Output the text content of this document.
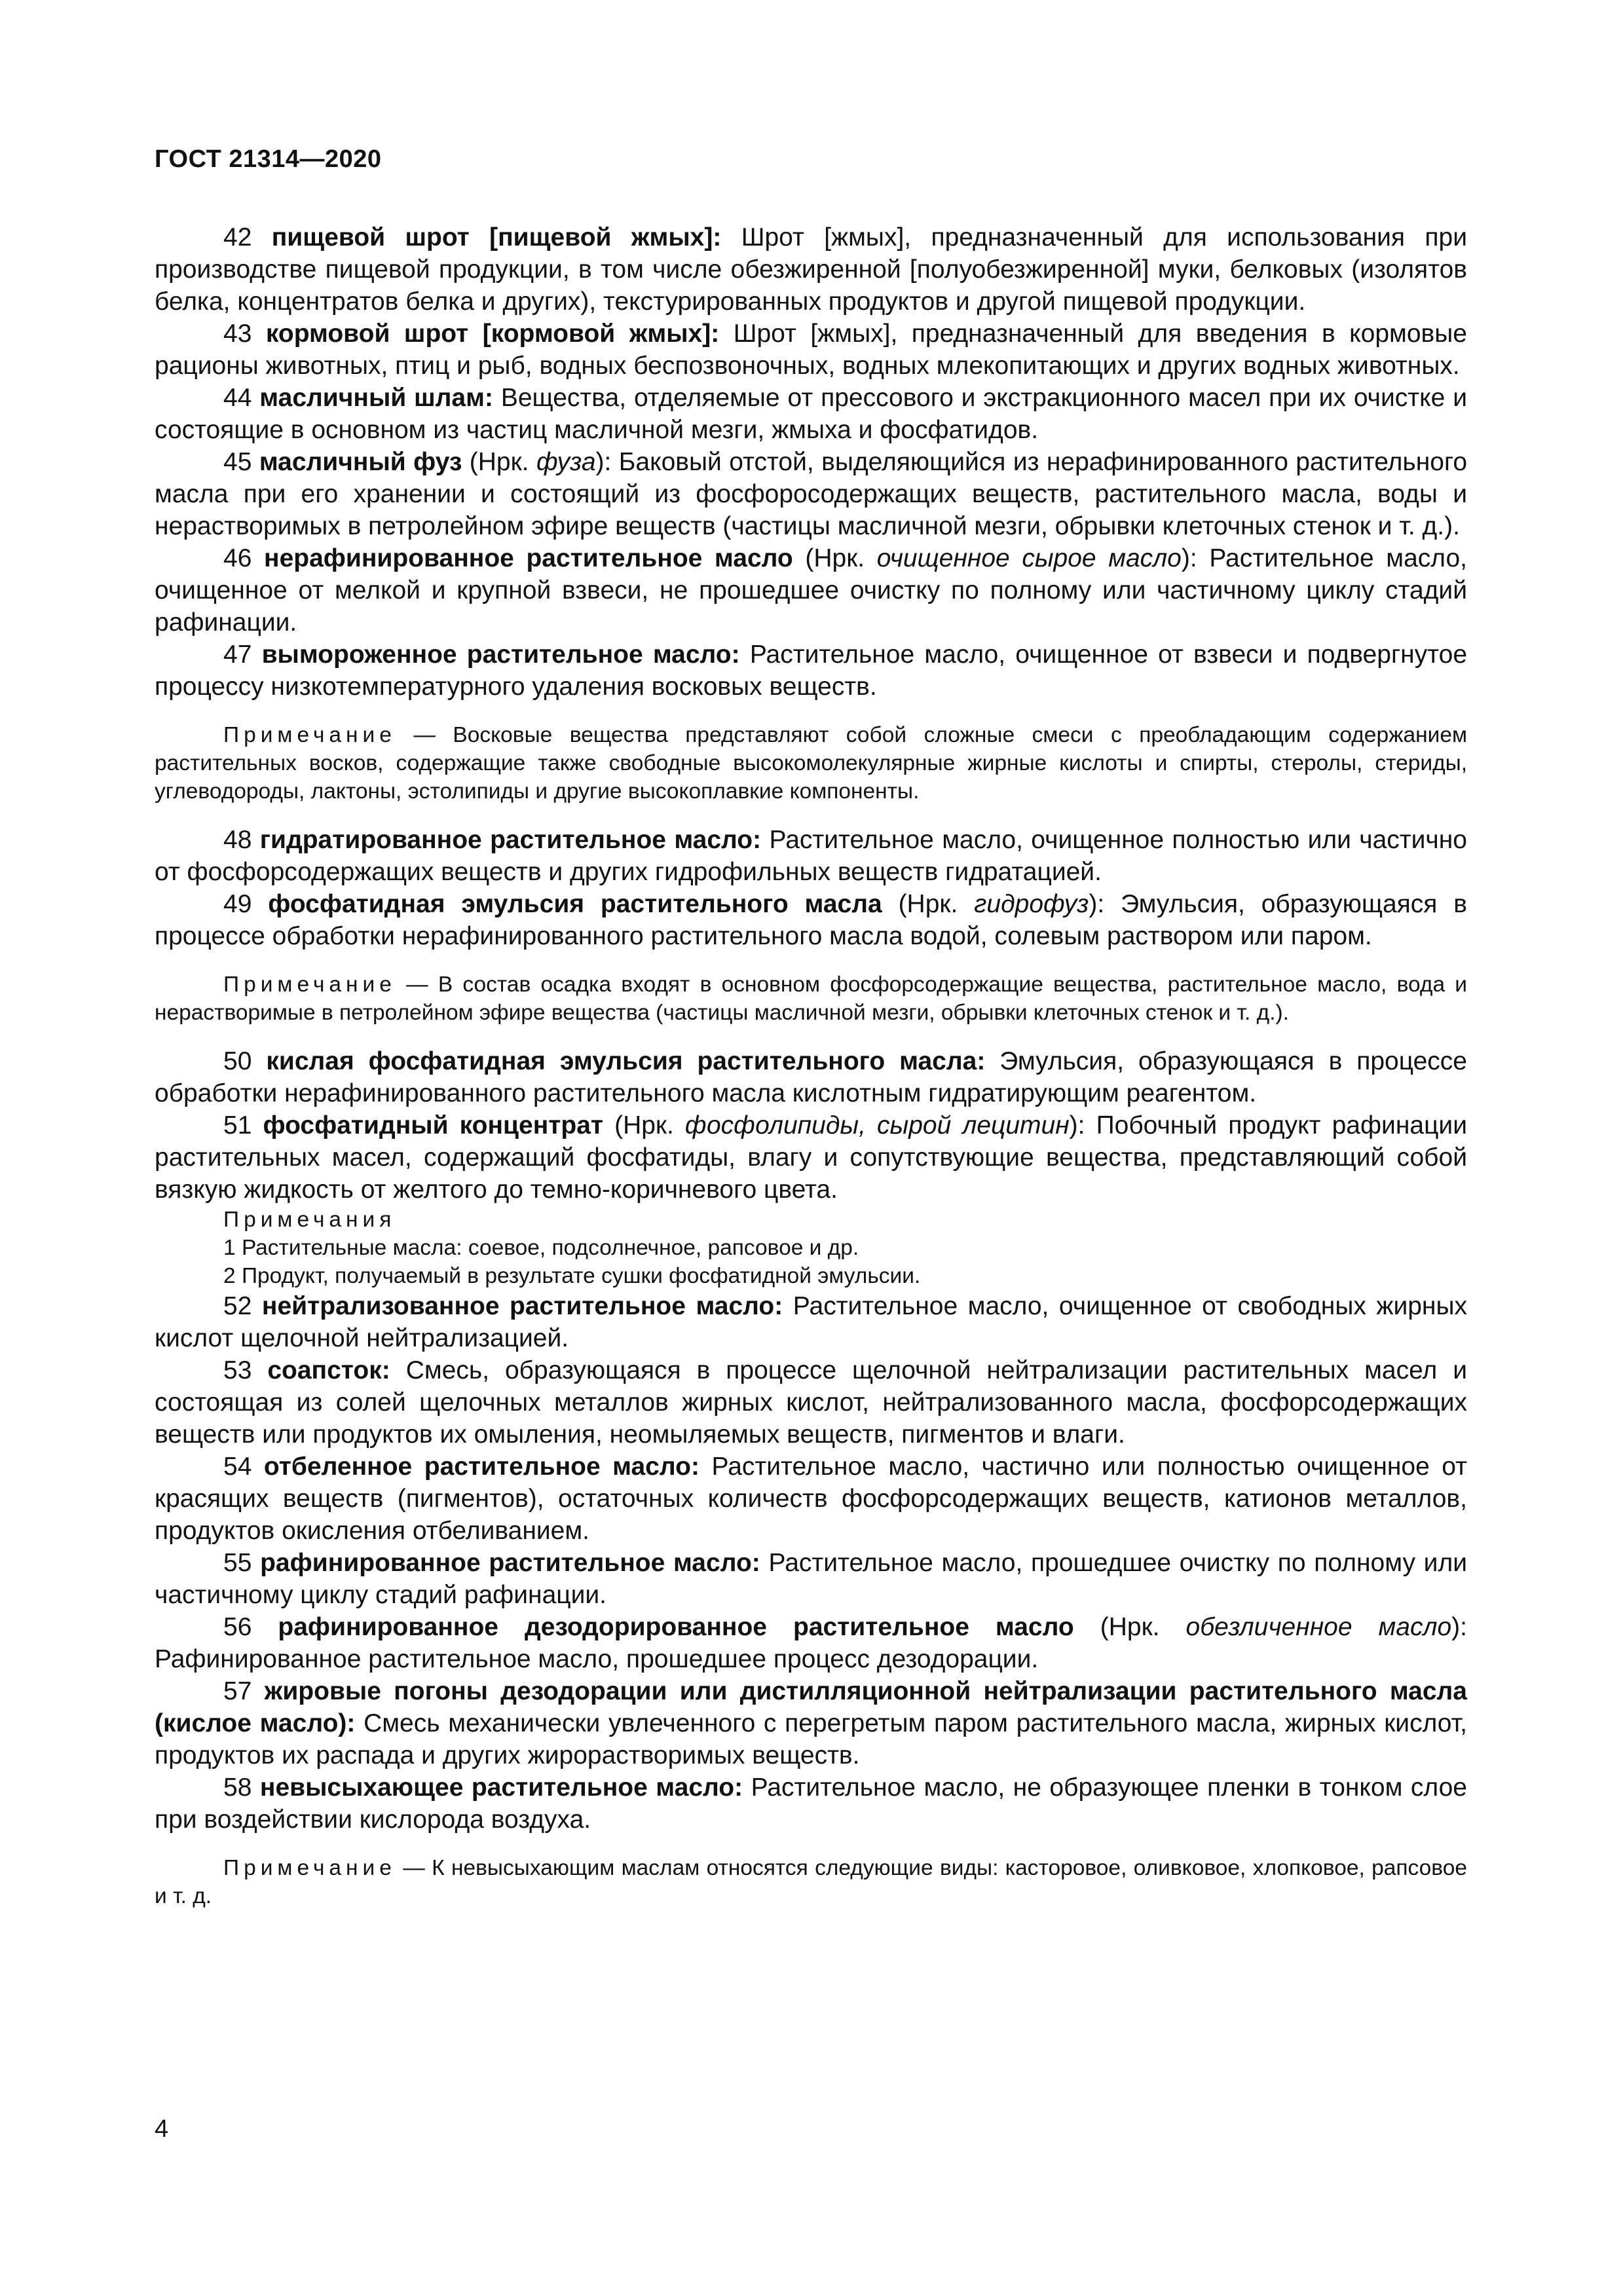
ГОСТ 21314—2020

42 пищевой шрот [пищевой жмых]: Шрот [жмых], предназначенный для использования при производстве пищевой продукции, в том числе обезжиренной [полуобезжиренной] муки, белковых (изолятов белка, концентратов белка и других), текстурированных продуктов и другой пищевой продукции.

43 кормовой шрот [кормовой жмых]: Шрот [жмых], предназначенный для введения в кормовые рационы животных, птиц и рыб, водных беспозвоночных, водных млекопитающих и других водных животных.

44 масличный шлам: Вещества, отделяемые от прессового и экстракционного масел при их очистке и состоящие в основном из частиц масличной мезги, жмыха и фосфатидов.

45 масличный фуз (Нрк. фуза): Баковый отстой, выделяющийся из нерафинированного растительного масла при его хранении и состоящий из фосфоросодержащих веществ, растительного масла, воды и нерастворимых в петролейном эфире веществ (частицы масличной мезги, обрывки клеточных стенок и т. д.).

46 нерафинированное растительное масло (Нрк. очищенное сырое масло): Растительное масло, очищенное от мелкой и крупной взвеси, не прошедшее очистку по полному или частичному циклу стадий рафинации.

47 вымороженное растительное масло: Растительное масло, очищенное от взвеси и подвергнутое процессу низкотемпературного удаления восковых веществ.

Примечание — Восковые вещества представляют собой сложные смеси с преобладающим содержанием растительных восков, содержащие также свободные высокомолекулярные жирные кислоты и спирты, стеролы, стериды, углеводороды, лактоны, эстолипиды и другие высокоплавкие компоненты.

48 гидратированное растительное масло: Растительное масло, очищенное полностью или частично от фосфорсодержащих веществ и других гидрофильных веществ гидратацией.

49 фосфатидная эмульсия растительного масла (Нрк. гидрофуз): Эмульсия, образующаяся в процессе обработки нерафинированного растительного масла водой, солевым раствором или паром.

Примечание — В состав осадка входят в основном фосфорсодержащие вещества, растительное масло, вода и нерастворимые в петролейном эфире вещества (частицы масличной мезги, обрывки клеточных стенок и т. д.).

50 кислая фосфатидная эмульсия растительного масла: Эмульсия, образующаяся в процессе обработки нерафинированного растительного масла кислотным гидратирующим реагентом.

51 фосфатидный концентрат (Нрк. фосфолипиды, сырой лецитин): Побочный продукт рафинации растительных масел, содержащий фосфатиды, влагу и сопутствующие вещества, представляющий собой вязкую жидкость от желтого до темно-коричневого цвета.

Примечания
1 Растительные масла: соевое, подсолнечное, рапсовое и др.
2 Продукт, получаемый в результате сушки фосфатидной эмульсии.

52 нейтрализованное растительное масло: Растительное масло, очищенное от свободных жирных кислот щелочной нейтрализацией.

53 соапсток: Смесь, образующаяся в процессе щелочной нейтрализации растительных масел и состоящая из солей щелочных металлов жирных кислот, нейтрализованного масла, фосфорсодержащих веществ или продуктов их омыления, неомыляемых веществ, пигментов и влаги.

54 отбеленное растительное масло: Растительное масло, частично или полностью очищенное от красящих веществ (пигментов), остаточных количеств фосфорсодержащих веществ, катионов металлов, продуктов окисления отбеливанием.

55 рафинированное растительное масло: Растительное масло, прошедшее очистку по полному или частичному циклу стадий рафинации.

56 рафинированное дезодорированное растительное масло (Нрк. обезличенное масло): Рафинированное растительное масло, прошедшее процесс дезодорации.

57 жировые погоны дезодорации или дистилляционной нейтрализации растительного масла (кислое масло): Смесь механически увлеченного с перегретым паром растительного масла, жирных кислот, продуктов их распада и других жирорастворимых веществ.

58 невысыхающее растительное масло: Растительное масло, не образующее пленки в тонком слое при воздействии кислорода воздуха.

Примечание — К невысыхающим маслам относятся следующие виды: касторовое, оливковое, хлопковое, рапсовое и т. д.

4
